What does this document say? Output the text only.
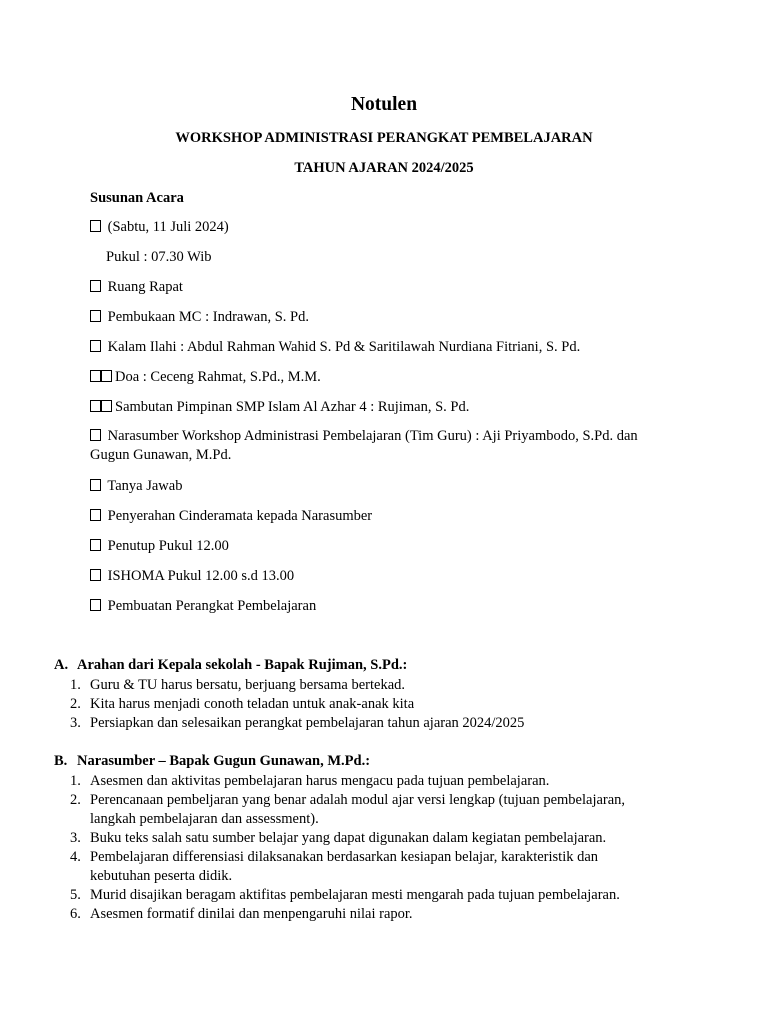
Notulen
WORKSHOP ADMINISTRASI PERANGKAT PEMBELAJARAN
TAHUN AJARAN 2024/2025
Susunan Acara
(Sabtu, 11 Juli 2024)
Pukul : 07.30 Wib
Ruang Rapat
Pembukaan MC : Indrawan, S. Pd.
Kalam Ilahi : Abdul Rahman Wahid S. Pd & Saritilawah Nurdiana Fitriani, S. Pd.
Doa : Ceceng Rahmat, S.Pd., M.M.
Sambutan Pimpinan SMP Islam Al Azhar 4 : Rujiman, S. Pd.
Narasumber Workshop Administrasi Pembelajaran (Tim Guru) : Aji Priyambodo, S.Pd. dan Gugun Gunawan, M.Pd.
Tanya Jawab
Penyerahan Cinderamata kepada Narasumber
Penutup Pukul 12.00
ISHOMA Pukul 12.00 s.d 13.00
Pembuatan Perangkat Pembelajaran
A. Arahan dari Kepala sekolah - Bapak Rujiman, S.Pd.:
1. Guru & TU harus bersatu, berjuang bersama bertekad.
2. Kita harus menjadi conoth teladan untuk anak-anak kita
3. Persiapkan dan selesaikan perangkat pembelajaran tahun ajaran 2024/2025
B. Narasumber – Bapak Gugun Gunawan, M.Pd.:
1. Asesmen dan aktivitas pembelajaran harus mengacu pada tujuan pembelajaran.
2. Perencanaan pembeljaran yang benar adalah modul ajar versi lengkap (tujuan pembelajaran, langkah pembelajaran dan assessment).
3. Buku teks salah satu sumber belajar yang dapat digunakan dalam kegiatan pembelajaran.
4. Pembelajaran differensiasi dilaksanakan berdasarkan kesiapan belajar, karakteristik dan kebutuhan peserta didik.
5. Murid disajikan beragam aktifitas pembelajaran mesti mengarah pada tujuan pembelajaran.
6. Asesmen formatif dinilai dan menpengaruhi nilai rapor.
